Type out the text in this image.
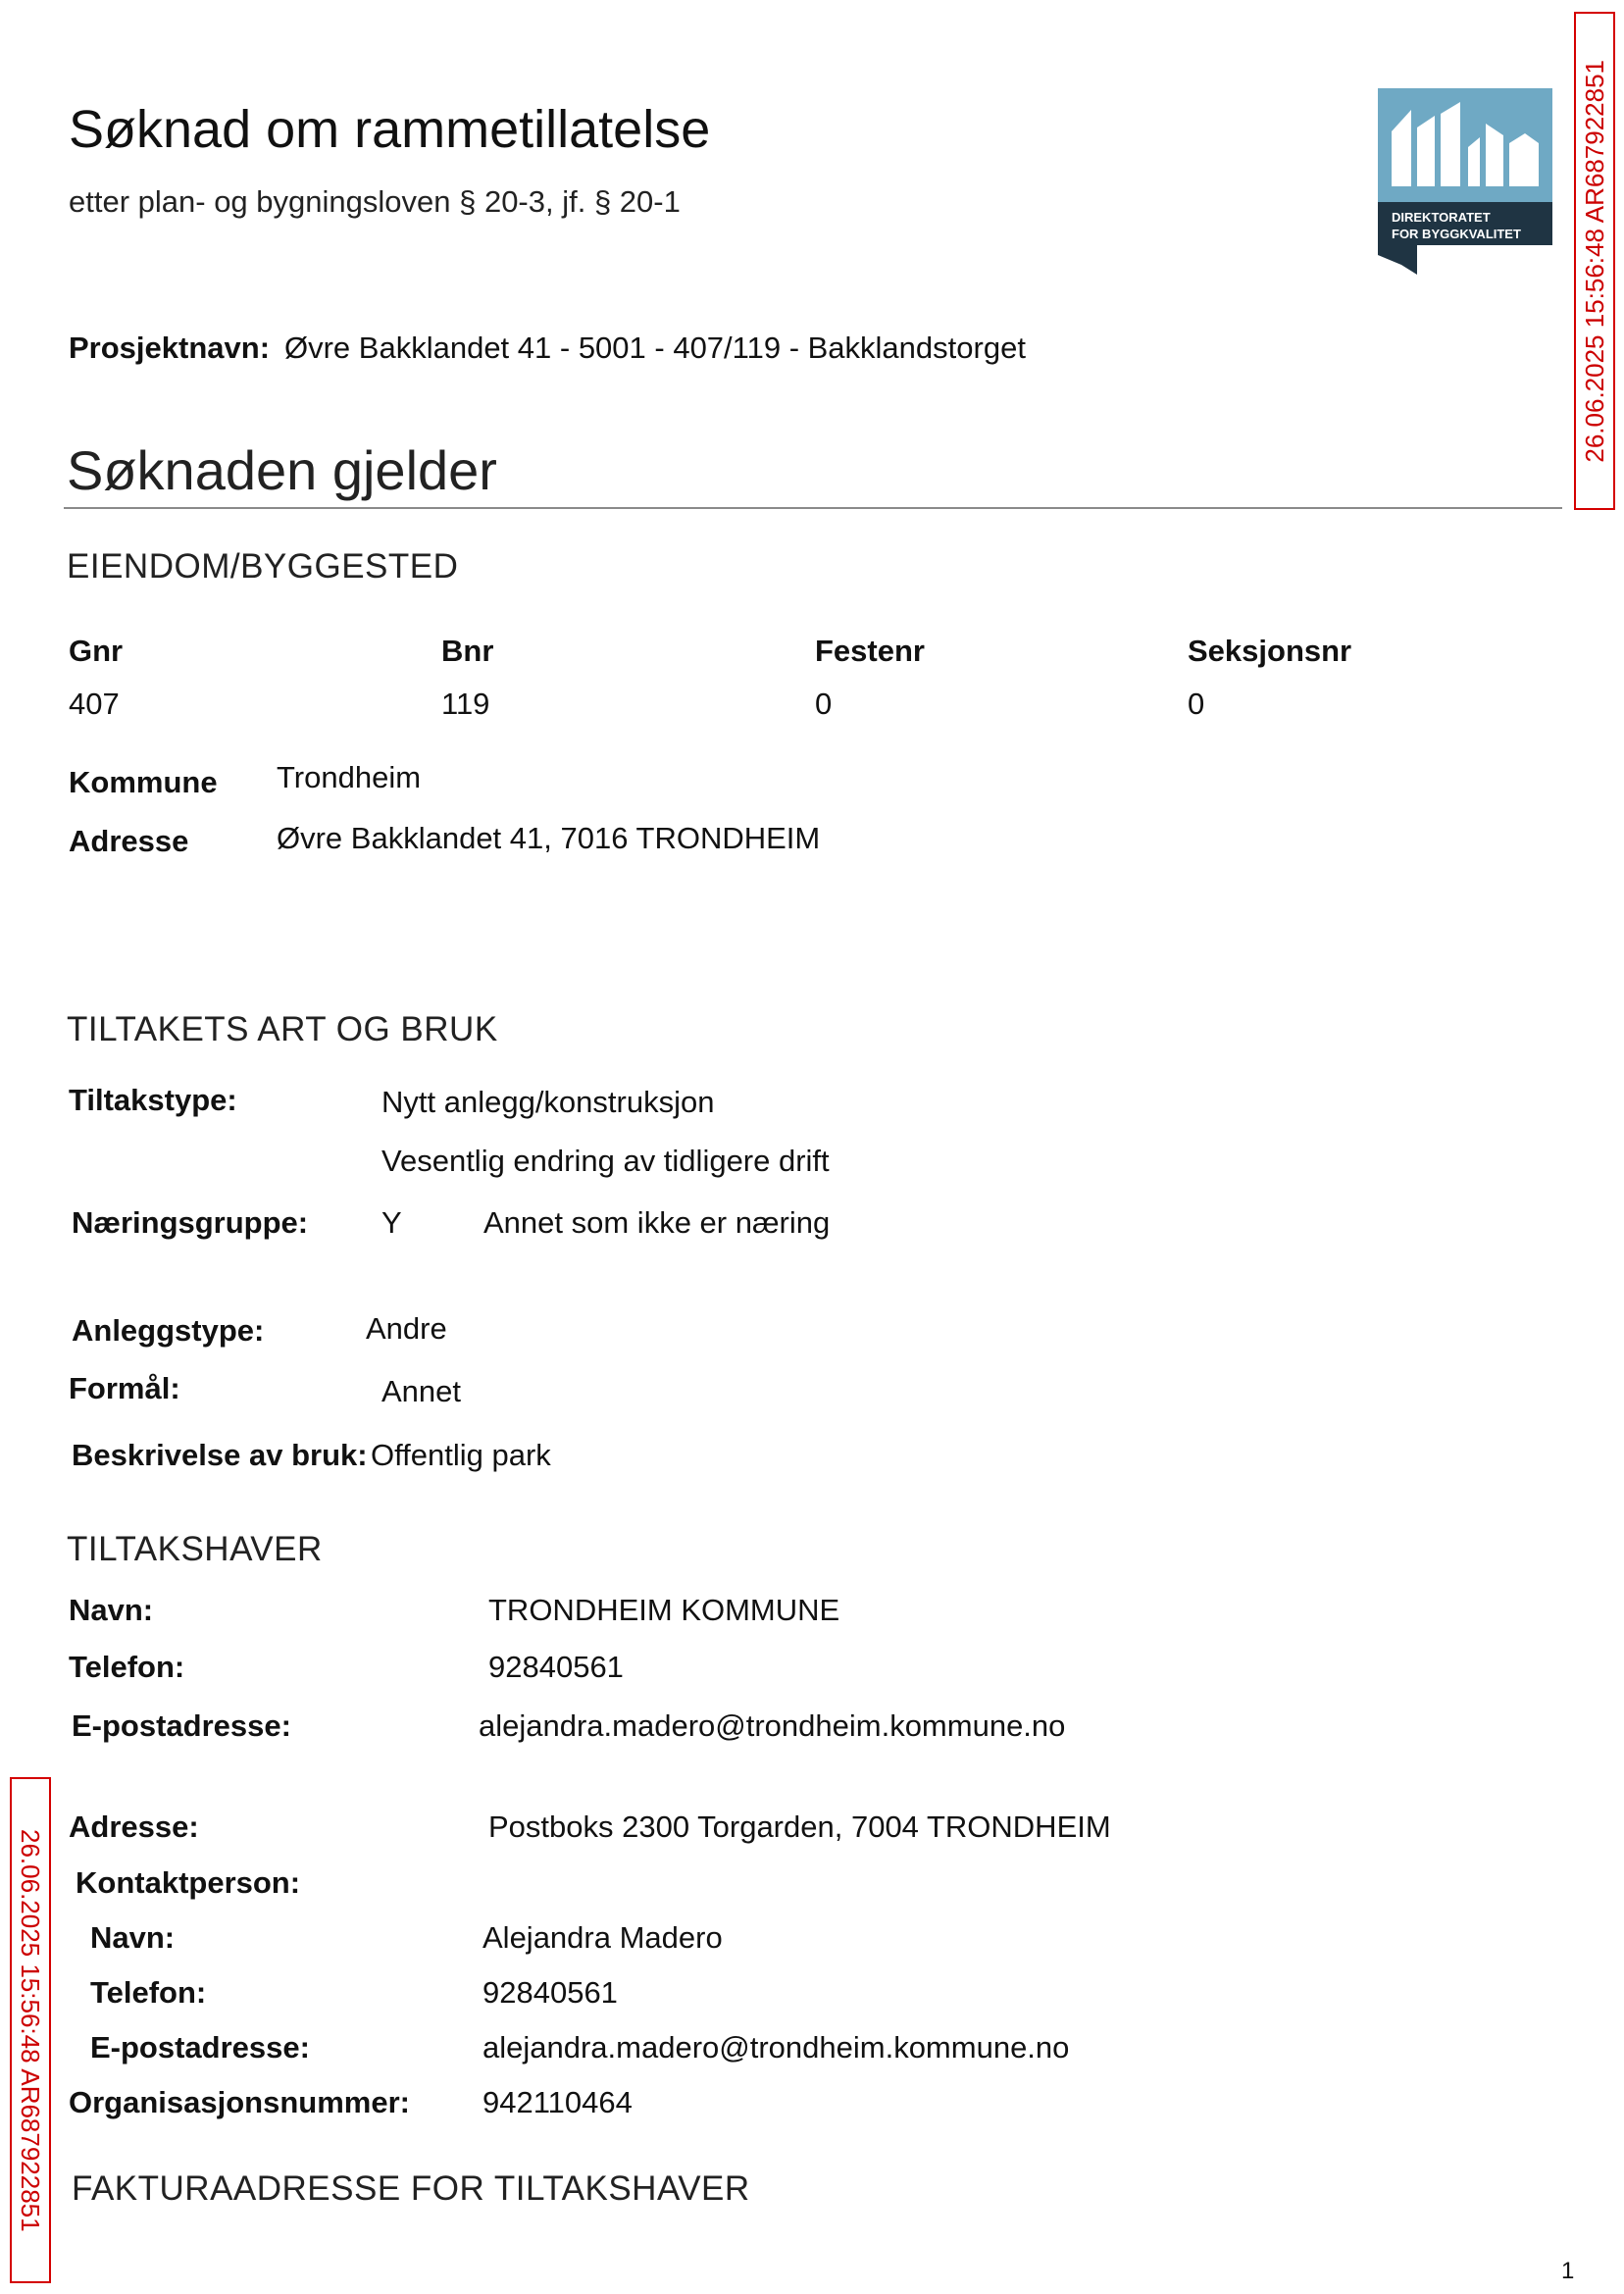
Søknad om rammetillatelse
etter plan- og bygningsloven § 20-3, jf. § 20-1	DIREKTORATET
FOR BYGGKVALITET 26.06.2025 15:56:48 AR687922851
Prosjektnavn: Øvre Bakklandet 41 - 5001 - 407/119 - Bakklandstorget
Søknaden gjelder
EIENDOM/BYGGESTED
Gnr	Bnr	Festenr	Seksjonsnr
407	119	0	0
Kommune Trondheim
Adresse	Øvre Bakklandet 41, 7016 TRONDHEIM
TILTAKETS ART OG BRUK
Tiltakstype:	Nytt anlegg/konstruksjon
Vesentlig endring av tidligere drift
Næringsgruppe: Y	Annet som ikke er næring
Anleggstype:	Andre
Formål:	Annet
Beskrivelse av bruk: Offentlig park
TILTAKSHAVER
Navn:	TRONDHEIM KOMMUNE
Telefon:	92840561
E-postadresse:	alejandra.madero@trondheim.kommune.no
Adresse:	Postboks 2300 Torgarden, 7004 TRONDHEIM
Kontaktperson:
Navn:	Alejandra Madero
Telefon:	92840561
E-postadresse:	alejandra.madero@trondheim.kommune.no
Organisasjonsnummer: 942110464
FAKTURAADRESSE FOR TILTAKSHAVER
26.06.2025 15:56:48 AR687922851
1
